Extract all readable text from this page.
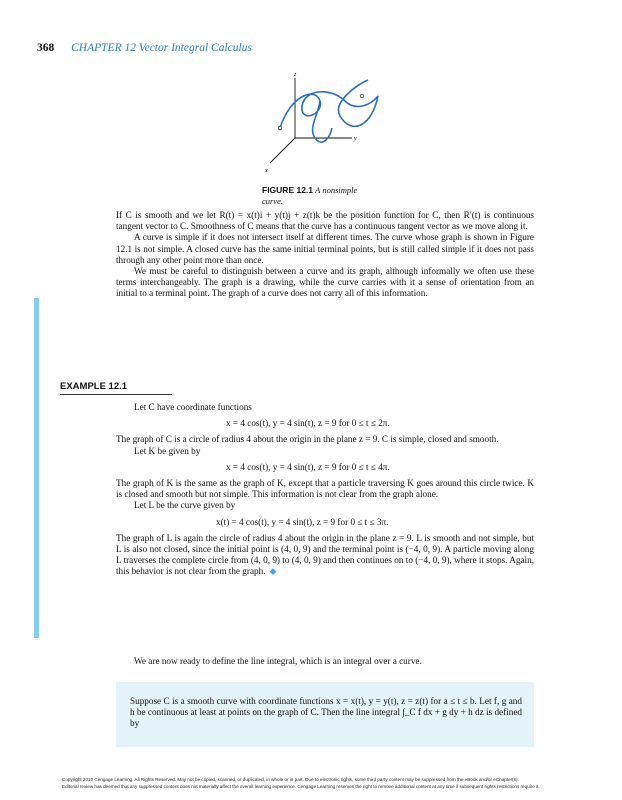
368 CHAPTER 12 Vector Integral Calculus
z
y
x
FIGURE 12.1 A nonsimple
curve.

If C is smooth and we let R(t) = x(t)i + y(t)j + z(t)k be the position function for C, then R′(t) is continuous tangent vector to C. Smoothness of C means that the curve has a continuous tangent vector as we move along it.

A curve is simple if it does not intersect itself at different times. The curve whose graph is shown in Figure 12.1 is not simple. A closed curve has the same initial terminal points, but is still called simple if it does not pass through any other point more than once.

We must be careful to distinguish between a curve and its graph, although informally we often use these terms interchangeably. The graph is a drawing, while the curve carries with it a sense of orientation from an initial to a terminal point. The graph of a curve does not carry all of this information.

EXAMPLE 12.1

Let C have coordinate functions

x = 4 cos(t), y = 4 sin(t), z = 9 for 0 ≤ t ≤ 2π.

The graph of C is a circle of radius 4 about the origin in the plane z = 9. C is simple, closed and smooth.

Let K be given by

x = 4 cos(t), y = 4 sin(t), z = 9 for 0 ≤ t ≤ 4π.

The graph of K is the same as the graph of K, except that a particle traversing K goes around this circle twice. K is closed and smooth but not simple. This information is not clear from the graph alone.

Let L be the curve given by

x(t) = 4 cos(t), y = 4 sin(t), z = 9 for 0 ≤ t ≤ 3π.

The graph of L is again the circle of radius 4 about the origin in the plane z = 9. L is smooth and not simple, but L is also not closed, since the initial point is (4, 0, 9) and the terminal point is (−4, 0, 9). A particle moving along L traverses the complete circle from (4, 0, 9) to (4, 0, 9) and then continues on to (−4, 0, 9), where it stops. Again, this behavior is not clear from the graph. ◆

We are now ready to define the line integral, which is an integral over a curve.

Suppose C is a smooth curve with coordinate functions x = x(t), y = y(t), z = z(t) for a ≤ t ≤ b. Let f, g and h be continuous at least at points on the graph of C. Then the line integral ∫_C f dx + g dy + h dz is defined by
Copyright 2010 Cengage Learning. All Rights Reserved. May not be copied, scanned, or duplicated, in whole or in part. Due to electronic rights, some third party content may be suppressed from the eBook and/or eChapter(s).
Editorial review has deemed that any suppressed content does not materially affect the overall learning experience. Cengage Learning reserves the right to remove additional content at any time if subsequent rights restrictions require it.
